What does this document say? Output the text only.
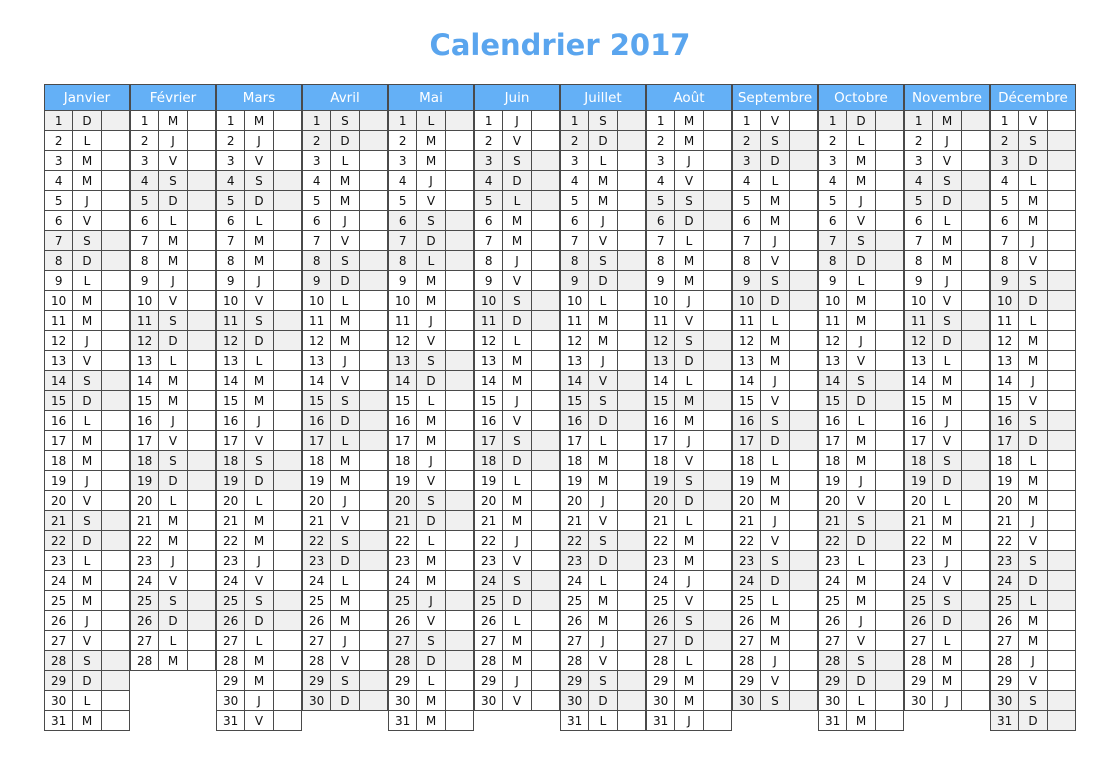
Calendrier 2017
Janvier		
1	D	
2	L	
3	M	
4	M	
5	J	
6	V	
7	S	
8	D	
9	L	
10	M	
11	M	
12	J	
13	V	
14	S	
15	D	
16	L	
17	M	
18	M	
19	J	
20	V	
21	S	
22	D	
23	L	
24	M	
25	M	
26	J	
27	V	
28	S	
29	D	
30	L	
31	M	
Février		
1	M	
2	J	
3	V	
4	S	
5	D	
6	L	
7	M	
8	M	
9	J	
10	V	
11	S	
12	D	
13	L	
14	M	
15	M	
16	J	
17	V	
18	S	
19	D	
20	L	
21	M	
22	M	
23	J	
24	V	
25	S	
26	D	
27	L	
28	M	
Mars		
1	M	
2	J	
3	V	
4	S	
5	D	
6	L	
7	M	
8	M	
9	J	
10	V	
11	S	
12	D	
13	L	
14	M	
15	M	
16	J	
17	V	
18	S	
19	D	
20	L	
21	M	
22	M	
23	J	
24	V	
25	S	
26	D	
27	L	
28	M	
29	M	
30	J	
31	V	
Avril		
1	S	
2	D	
3	L	
4	M	
5	M	
6	J	
7	V	
8	S	
9	D	
10	L	
11	M	
12	M	
13	J	
14	V	
15	S	
16	D	
17	L	
18	M	
19	M	
20	J	
21	V	
22	S	
23	D	
24	L	
25	M	
26	M	
27	J	
28	V	
29	S	
30	D	
Mai		
1	L	
2	M	
3	M	
4	J	
5	V	
6	S	
7	D	
8	L	
9	M	
10	M	
11	J	
12	V	
13	S	
14	D	
15	L	
16	M	
17	M	
18	J	
19	V	
20	S	
21	D	
22	L	
23	M	
24	M	
25	J	
26	V	
27	S	
28	D	
29	L	
30	M	
31	M	
Juin		
1	J	
2	V	
3	S	
4	D	
5	L	
6	M	
7	M	
8	J	
9	V	
10	S	
11	D	
12	L	
13	M	
14	M	
15	J	
16	V	
17	S	
18	D	
19	L	
20	M	
21	M	
22	J	
23	V	
24	S	
25	D	
26	L	
27	M	
28	M	
29	J	
30	V	
Juillet		
1	S	
2	D	
3	L	
4	M	
5	M	
6	J	
7	V	
8	S	
9	D	
10	L	
11	M	
12	M	
13	J	
14	V	
15	S	
16	D	
17	L	
18	M	
19	M	
20	J	
21	V	
22	S	
23	D	
24	L	
25	M	
26	M	
27	J	
28	V	
29	S	
30	D	
31	L	
Août		
1	M	
2	M	
3	J	
4	V	
5	S	
6	D	
7	L	
8	M	
9	M	
10	J	
11	V	
12	S	
13	D	
14	L	
15	M	
16	M	
17	J	
18	V	
19	S	
20	D	
21	L	
22	M	
23	M	
24	J	
25	V	
26	S	
27	D	
28	L	
29	M	
30	M	
31	J	
Septembre		
1	V	
2	S	
3	D	
4	L	
5	M	
6	M	
7	J	
8	V	
9	S	
10	D	
11	L	
12	M	
13	M	
14	J	
15	V	
16	S	
17	D	
18	L	
19	M	
20	M	
21	J	
22	V	
23	S	
24	D	
25	L	
26	M	
27	M	
28	J	
29	V	
30	S	
Octobre		
1	D	
2	L	
3	M	
4	M	
5	J	
6	V	
7	S	
8	D	
9	L	
10	M	
11	M	
12	J	
13	V	
14	S	
15	D	
16	L	
17	M	
18	M	
19	J	
20	V	
21	S	
22	D	
23	L	
24	M	
25	M	
26	J	
27	V	
28	S	
29	D	
30	L	
31	M	
Novembre		
1	M	
2	J	
3	V	
4	S	
5	D	
6	L	
7	M	
8	M	
9	J	
10	V	
11	S	
12	D	
13	L	
14	M	
15	M	
16	J	
17	V	
18	S	
19	D	
20	L	
21	M	
22	M	
23	J	
24	V	
25	S	
26	D	
27	L	
28	M	
29	M	
30	J	
Décembre		
1	V	
2	S	
3	D	
4	L	
5	M	
6	M	
7	J	
8	V	
9	S	
10	D	
11	L	
12	M	
13	M	
14	J	
15	V	
16	S	
17	D	
18	L	
19	M	
20	M	
21	J	
22	V	
23	S	
24	D	
25	L	
26	M	
27	M	
28	J	
29	V	
30	S	
31	D	
